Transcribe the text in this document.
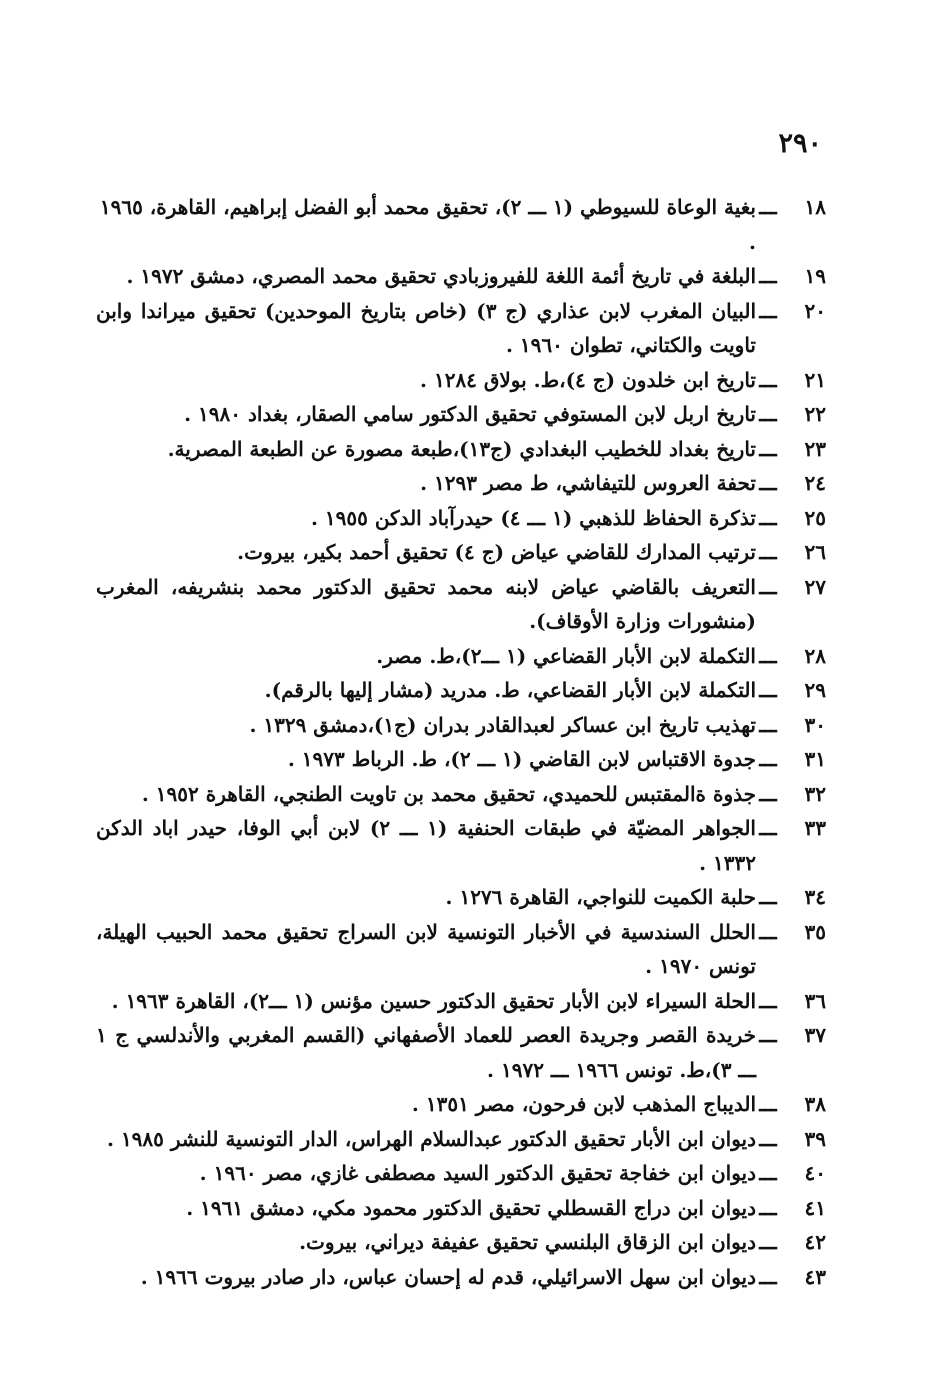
٢٩٠
١٨
ـــ
بغية الوعاة للسيوطي (١ ـــ ٢)، تحقيق محمد أبو الفضل إبراهيم، القاهرة، ١٩٦٥ .
١٩
ـــ
البلغة في تاريخ أئمة اللغة للفيروزبادي تحقيق محمد المصري، دمشق ١٩٧٢ .
٢٠
ـــ
البيان المغرب لابن عذاري (ج ٣) (خاص بتاريخ الموحدين) تحقيق ميراندا وابن تاويت والكتاني، تطوان ١٩٦٠ .
٢١
ـــ
تاريخ ابن خلدون (ج ٤)،ط. بولاق ١٢٨٤ .
٢٢
ـــ
تاريخ اربل لابن المستوفي تحقيق الدكتور سامي الصقار، بغداد ١٩٨٠ .
٢٣
ـــ
تاريخ بغداد للخطيب البغدادي (ج١٣)،طبعة مصورة عن الطبعة المصرية.
٢٤
ـــ
تحفة العروس للتيفاشي، ط مصر ١٢٩٣ .
٢٥
ـــ
تذكرة الحفاظ للذهبي (١ ـــ ٤) حيدرآباد الدكن ١٩٥٥ .
٢٦
ـــ
ترتيب المدارك للقاضي عياض (ج ٤) تحقيق أحمد بكير، بيروت.
٢٧
ـــ
التعريف بالقاضي عياض لابنه محمد تحقيق الدكتور محمد بنشريفه، المغرب (منشورات وزارة الأوقاف).
٢٨
ـــ
التكملة لابن الأبار القضاعي (١ ـــ٢)،ط. مصر.
٢٩
ـــ
التكملة لابن الأبار القضاعي، ط. مدريد (مشار إليها بالرقم).
٣٠
ـــ
تهذيب تاريخ ابن عساكر لعبدالقادر بدران (ج١)،دمشق ١٣٢٩ .
٣١
ـــ
جدوة الاقتباس لابن القاضي (١ ـــ ٢)، ط. الرباط ١٩٧٣ .
٣٢
ـــ
جذوة ةالمقتبس للحميدي، تحقيق محمد بن تاويت الطنجي، القاهرة ١٩٥٢ .
٣٣
ـــ
الجواهر المضيّة في طبقات الحنفية (١ ـــ ٢) لابن أبي الوفا، حيدر اباد الدكن ١٣٣٢ .
٣٤
ـــ
حلبة الكميت للنواجي، القاهرة ١٢٧٦ .
٣٥
ـــ
الحلل السندسية في الأخبار التونسية لابن السراج تحقيق محمد الحبيب الهيلة، تونس ١٩٧٠ .
٣٦
ـــ
الحلة السيراء لابن الأبار تحقيق الدكتور حسين مؤنس (١ ـــ٢)، القاهرة ١٩٦٣ .
٣٧
ـــ
خريدة القصر وجريدة العصر للعماد الأصفهاني (القسم المغربي والأندلسي ج ١ ـــ ٣)،ط. تونس ١٩٦٦ ـــ ١٩٧٢ .
٣٨
ـــ
الديباج المذهب لابن فرحون، مصر ١٣٥١ .
٣٩
ـــ
ديوان ابن الأبار تحقيق الدكتور عبدالسلام الهراس، الدار التونسية للنشر ١٩٨٥ .
٤٠
ـــ
ديوان ابن خفاجة تحقيق الدكتور السيد مصطفى غازي، مصر ١٩٦٠ .
٤١
ـــ
ديوان ابن دراج القسطلي تحقيق الدكتور محمود مكي، دمشق ١٩٦١ .
٤٢
ـــ
ديوان ابن الزقاق البلنسي تحقيق عفيفة ديراني، بيروت.
٤٣
ـــ
ديوان ابن سهل الاسرائيلي، قدم له إحسان عباس، دار صادر بيروت ١٩٦٦ .
